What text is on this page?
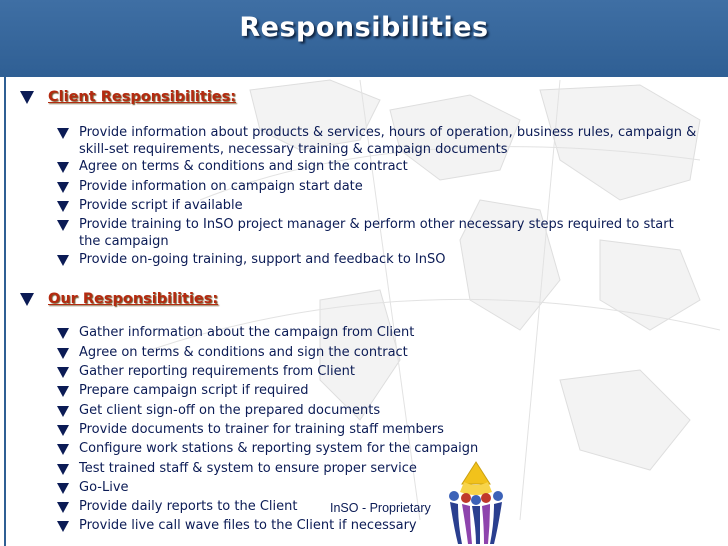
Responsibilities
Client Responsibilities:

Provide information about products & services, hours of operation, business rules, campaign & skill-set requirements, necessary training & campaign documents

Agree on terms & conditions and sign the contract

Provide information on campaign start date

Provide script if available

Provide training to InSO project manager & perform other necessary steps required to start the campaign

Provide on-going training, support and feedback to InSO

Our Responsibilities:

Gather information about the campaign from Client

Agree on terms & conditions and sign the contract

Gather reporting requirements from Client

Prepare campaign script if required

Get client sign-off on the prepared documents

Provide documents to trainer for training staff members

Configure work stations & reporting system for the campaign

Test trained staff & system to ensure proper service

Go-Live

Provide daily reports to the Client

Provide live call wave files to the Client if necessary

InSO - Proprietary
